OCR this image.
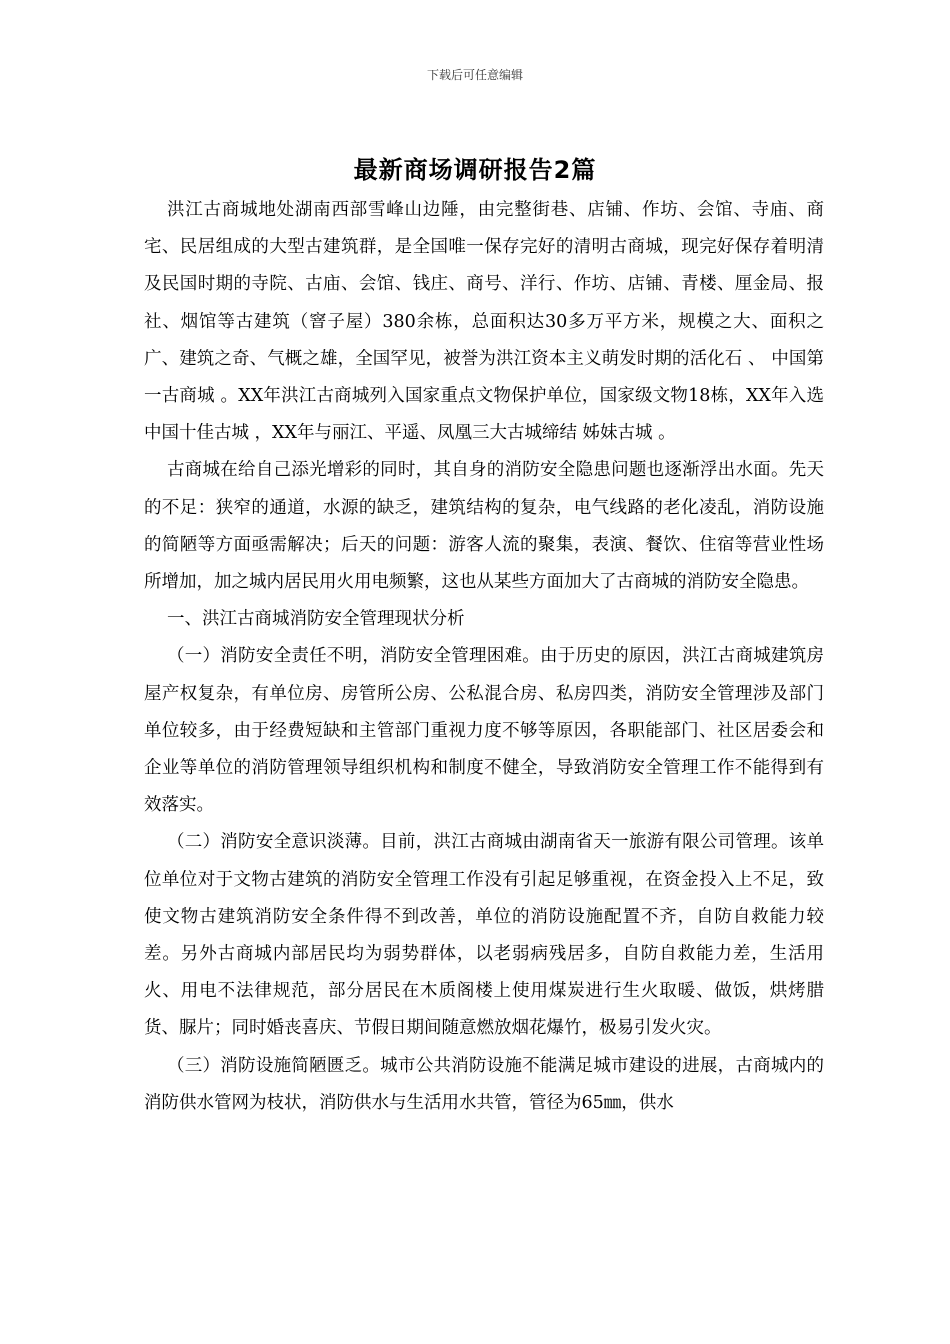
下载后可任意编辑
最新商场调研报告2篇

洪江古商城地处湖南西部雪峰山边陲，由完整街巷、店铺、作坊、会馆、寺庙、商宅、民居组成的大型古建筑群，是全国唯一保存完好的清明古商城，现完好保存着明清及民国时期的寺院、古庙、会馆、钱庄、商号、洋行、作坊、店铺、青楼、厘金局、报社、烟馆等古建筑（窨子屋）380余栋，总面积达30多万平方米，规模之大、面积之广、建筑之奇、气概之雄，全国罕见，被誉为洪江资本主义萌发时期的活化石 、 中国第一古商城 。XX年洪江古商城列入国家重点文物保护单位，国家级文物18栋，XX年入选 中国十佳古城 ，XX年与丽江、平遥、凤凰三大古城缔结 姊妹古城 。

古商城在给自己添光增彩的同时，其自身的消防安全隐患问题也逐渐浮出水面。先天的不足：狭窄的通道，水源的缺乏，建筑结构的复杂，电气线路的老化凌乱，消防设施的简陋等方面亟需解决；后天的问题：游客人流的聚集，表演、餐饮、住宿等营业性场所增加，加之城内居民用火用电频繁，这也从某些方面加大了古商城的消防安全隐患。

一、洪江古商城消防安全管理现状分析

（一）消防安全责任不明，消防安全管理困难。由于历史的原因，洪江古商城建筑房屋产权复杂，有单位房、房管所公房、公私混合房、私房四类，消防安全管理涉及部门单位较多，由于经费短缺和主管部门重视力度不够等原因，各职能部门、社区居委会和企业等单位的消防管理领导组织机构和制度不健全，导致消防安全管理工作不能得到有效落实。

（二）消防安全意识淡薄。目前，洪江古商城由湖南省天一旅游有限公司管理。该单位单位对于文物古建筑的消防安全管理工作没有引起足够重视，在资金投入上不足，致使文物古建筑消防安全条件得不到改善，单位的消防设施配置不齐，自防自救能力较差。另外古商城内部居民均为弱势群体，以老弱病残居多，自防自救能力差，生活用火、用电不法律规范，部分居民在木质阁楼上使用煤炭进行生火取暖、做饭，烘烤腊货、脲片；同时婚丧喜庆、节假日期间随意燃放烟花爆竹，极易引发火灾。

（三）消防设施简陋匮乏。城市公共消防设施不能满足城市建设的进展，古商城内的消防供水管网为枝状，消防供水与生活用水共管，管径为65㎜，供水
